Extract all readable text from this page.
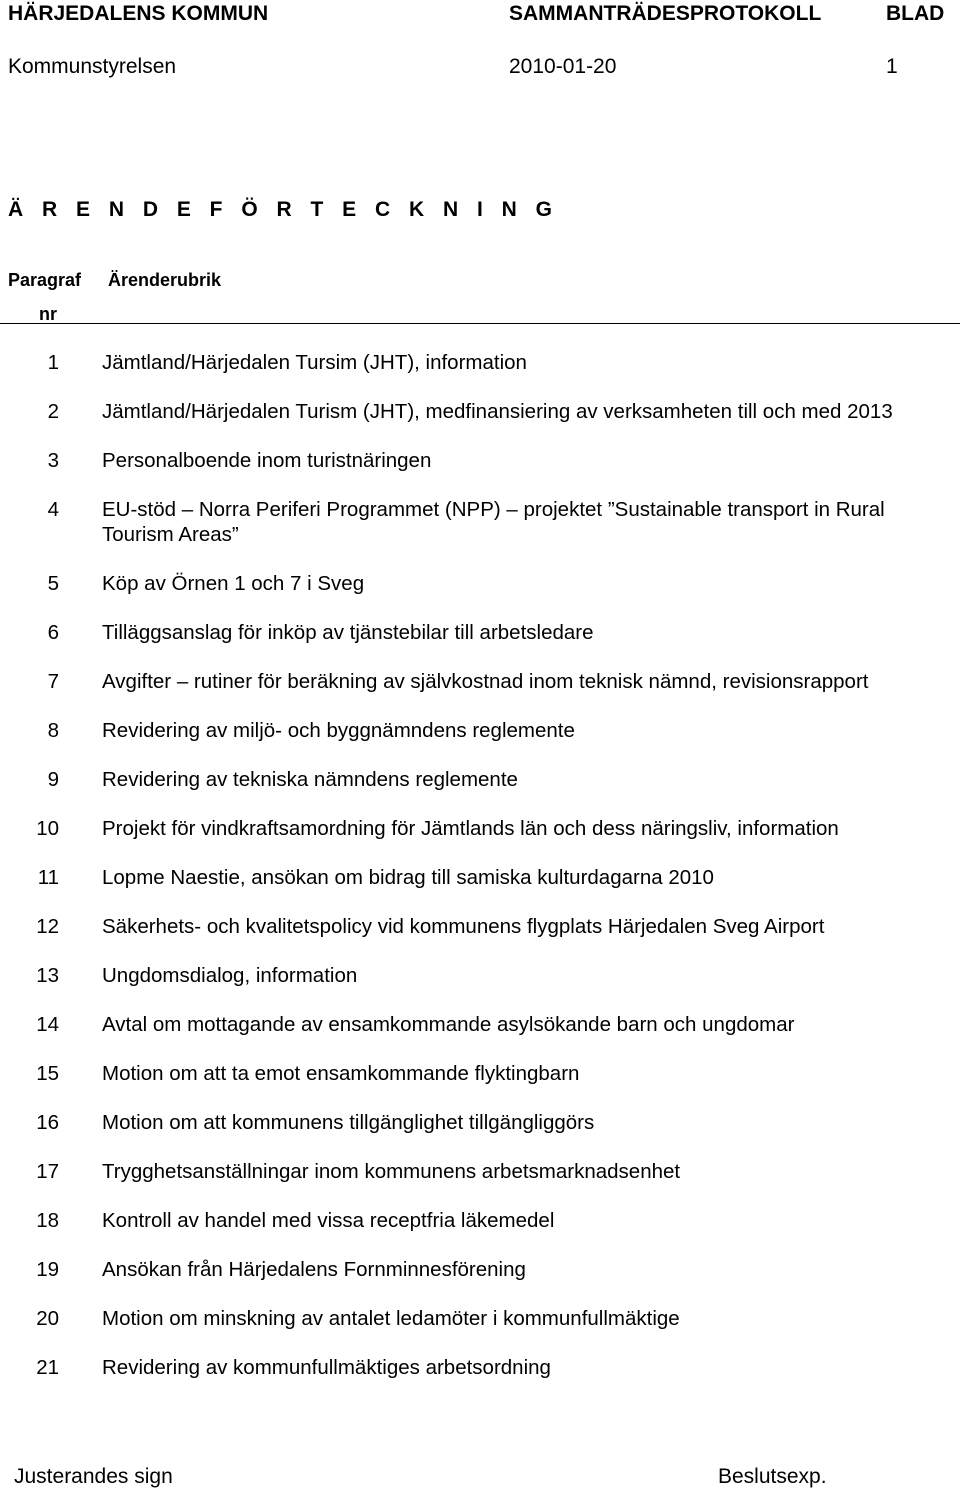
HÄRJEDALENS KOMMUN	SAMMANTRÄDESPROTOKOLL	BLAD
Kommunstyrelsen	2010-01-20	1
Ä R E N D E F Ö R T E C K N I N G
Paragraf
nr
Ärenderubrik
1 Jämtland/Härjedalen Tursim (JHT), information
2 Jämtland/Härjedalen Turism (JHT), medfinansiering av verksamheten till och med 2013
3 Personalboende inom turistnäringen
4 EU-stöd – Norra Periferi Programmet (NPP) – projektet ”Sustainable transport in Rural Tourism Areas”
5 Köp av Örnen 1 och 7 i Sveg
6 Tilläggsanslag för inköp av tjänstebilar till arbetsledare
7 Avgifter – rutiner för beräkning av självkostnad inom teknisk nämnd, revisionsrapport
8 Revidering av miljö- och byggnämndens reglemente
9 Revidering av tekniska nämndens reglemente
10 Projekt för vindkraftsamordning för Jämtlands län och dess näringsliv, information
11 Lopme Naestie, ansökan om bidrag till samiska kulturdagarna 2010
12 Säkerhets- och kvalitetspolicy vid kommunens flygplats Härjedalen Sveg Airport
13 Ungdomsdialog, information
14 Avtal om mottagande av ensamkommande asylsökande barn och ungdomar
15 Motion om att ta emot ensamkommande flyktingbarn
16 Motion om att kommunens tillgänglighet tillgängliggörs
17 Trygghetsanställningar inom kommunens arbetsmarknadsenhet
18 Kontroll av handel med vissa receptfria läkemedel
19 Ansökan från Härjedalens Fornminnesförening
20 Motion om minskning av antalet ledamöter i kommunfullmäktige
21 Revidering av kommunfullmäktiges arbetsordning
Justerandes sign	Beslutsexp.
